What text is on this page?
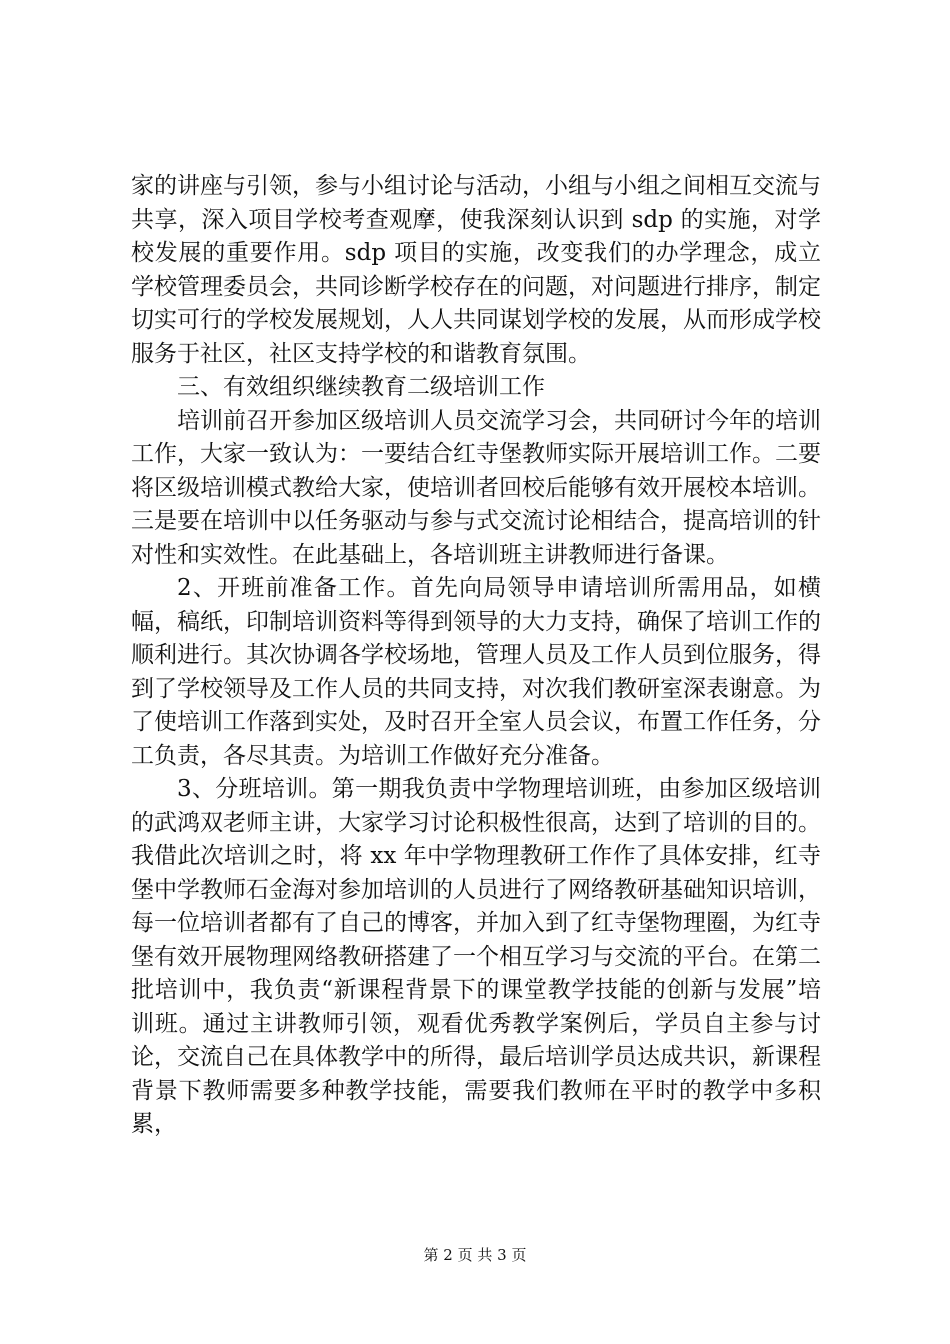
家的讲座与引领，参与小组讨论与活动，小组与小组之间相互交流与共享，深入项目学校考查观摩，使我深刻认识到 sdp 的实施，对学校发展的重要作用。sdp 项目的实施，改变我们的办学理念，成立学校管理委员会，共同诊断学校存在的问题，对问题进行排序，制定切实可行的学校发展规划，人人共同谋划学校的发展，从而形成学校服务于社区，社区支持学校的和谐教育氛围。

三、有效组织继续教育二级培训工作

培训前召开参加区级培训人员交流学习会，共同研讨今年的培训工作，大家一致认为：一要结合红寺堡教师实际开展培训工作。二要将区级培训模式教给大家，使培训者回校后能够有效开展校本培训。三是要在培训中以任务驱动与参与式交流讨论相结合，提高培训的针对性和实效性。在此基础上，各培训班主讲教师进行备课。

2、开班前准备工作。首先向局领导申请培训所需用品，如横幅，稿纸，印制培训资料等得到领导的大力支持，确保了培训工作的顺利进行。其次协调各学校场地，管理人员及工作人员到位服务，得到了学校领导及工作人员的共同支持，对次我们教研室深表谢意。为了使培训工作落到实处，及时召开全室人员会议，布置工作任务，分工负责，各尽其责。为培训工作做好充分准备。

3、分班培训。第一期我负责中学物理培训班，由参加区级培训的武鸿双老师主讲，大家学习讨论积极性很高，达到了培训的目的。我借此次培训之时，将 xx 年中学物理教研工作作了具体安排，红寺堡中学教师石金海对参加培训的人员进行了网络教研基础知识培训，每一位培训者都有了自己的博客，并加入到了红寺堡物理圈，为红寺堡有效开展物理网络教研搭建了一个相互学习与交流的平台。在第二批培训中，我负责“新课程背景下的课堂教学技能的创新与发展”培训班。通过主讲教师引领，观看优秀教学案例后，学员自主参与讨论，交流自己在具体教学中的所得，最后培训学员达成共识，新课程背景下教师需要多种教学技能，需要我们教师在平时的教学中多积累，

第 2 页 共 3 页
